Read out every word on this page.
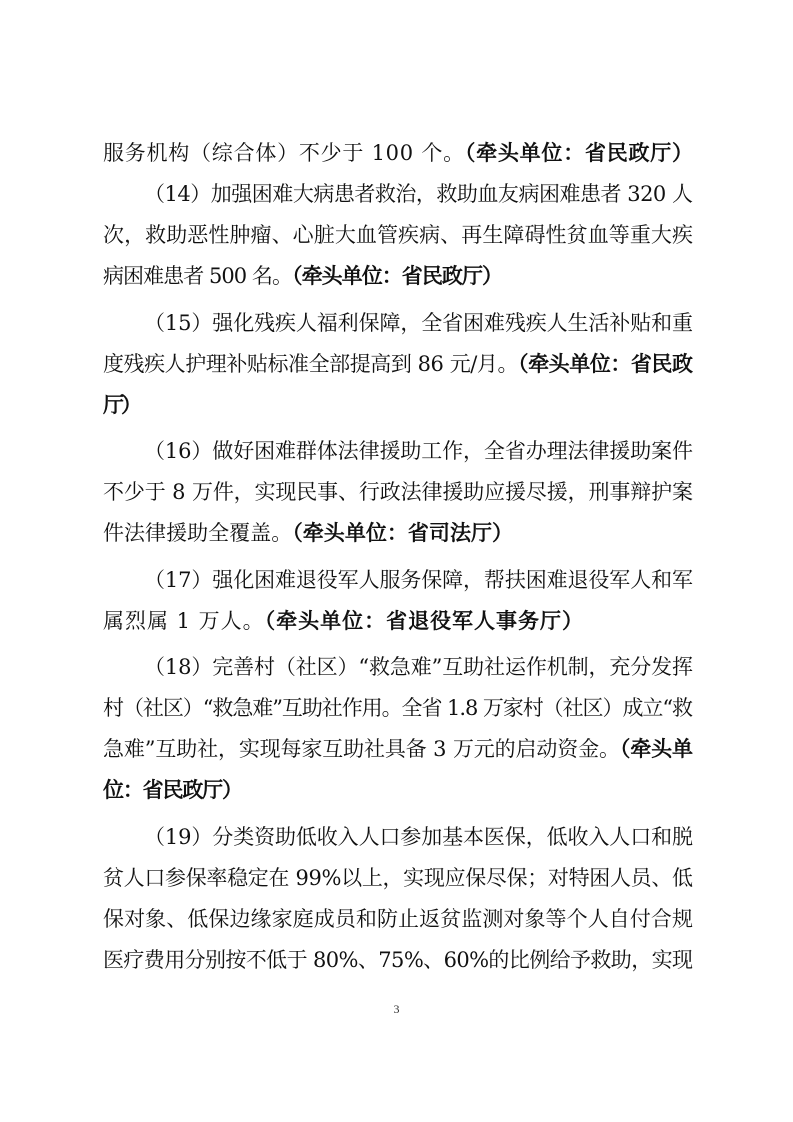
服务机构（综合体）不少于 100 个。（牵头单位：省民政厅）
（14）加强困难大病患者救治，救助血友病困难患者 320 人
次，救助恶性肿瘤、心脏大血管疾病、再生障碍性贫血等重大疾
病困难患者 500 名。（牵头单位：省民政厅）
（15）强化残疾人福利保障，全省困难残疾人生活补贴和重
度残疾人护理补贴标准全部提高到 86 元/月。（牵头单位：省民政
厅）
（16）做好困难群体法律援助工作，全省办理法律援助案件
不少于 8 万件，实现民事、行政法律援助应援尽援，刑事辩护案
件法律援助全覆盖。（牵头单位：省司法厅）
（17）强化困难退役军人服务保障，帮扶困难退役军人和军
属烈属 1 万人。（牵头单位：省退役军人事务厅）
（18）完善村（社区）“救急难”互助社运作机制，充分发挥
村（社区）“救急难”互助社作用。全省 1.8 万家村（社区）成立“救
急难”互助社，实现每家互助社具备 3 万元的启动资金。（牵头单
位：省民政厅）
（19）分类资助低收入人口参加基本医保，低收入人口和脱
贫人口参保率稳定在 99%以上，实现应保尽保；对特困人员、低
保对象、低保边缘家庭成员和防止返贫监测对象等个人自付合规
医疗费用分别按不低于 80%、75%、60%的比例给予救助，实现
3
